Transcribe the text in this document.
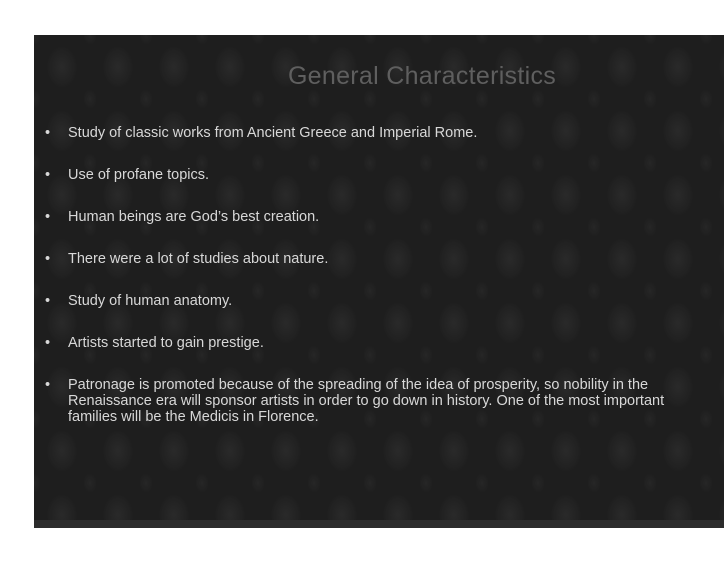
General Characteristics
• Study of classic works from Ancient Greece and Imperial Rome.
• Use of profane topics.
• Human beings are God’s best creation.
• There were a lot of studies about nature.
• Study of human anatomy.
• Artists started to gain prestige.
• Patronage is promoted because of the spreading of the idea of prosperity, so nobility in the Renaissance era will sponsor artists in order to go down in history. One of the most important families will be the Medicis in Florence.
